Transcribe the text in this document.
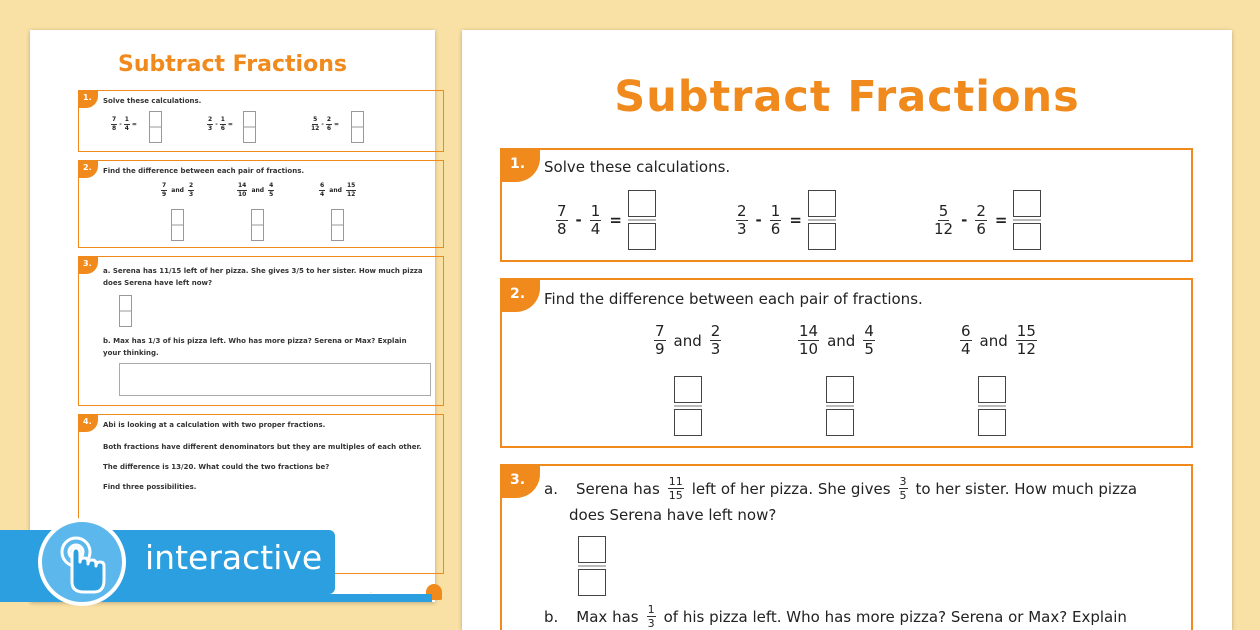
Subtract Fractions
1.	Solve these calculations.
$\frac{7}{8} - \frac{1}{4}$ =	$\frac{2}{3} - \frac{1}{6}$ =	$\frac{5}{12} - \frac{2}{6}$ =
2.	Find the difference between each pair of fractions.
$\frac{7}{9}$ and $\frac{2}{3}$	$\frac{14}{10}$ and $\frac{4}{5}$	$\frac{6}{4}$ and $\frac{15}{12}$
3.
a. Serena has 11/15 left of her pizza. She gives 3/5 to her sister. How much pizza does Serena have left now?
b. Max has 1/3 of his pizza left. Who has more pizza? Serena or Max? Explain your thinking.
4.	Abi is looking at a calculation with two proper fractions.
Both fractions have different denominators but they are multiples of each other.
The difference is 13/20. What could the two fractions be?
Find three possibilities.
interactive
Subtract Fractions
1.	Solve these calculations.
$\frac{7}{8} - \frac{1}{4}$ =	$\frac{2}{3} - \frac{1}{6}$ =	$\frac{5}{12} - \frac{2}{6}$ =
2.	Find the difference between each pair of fractions.
$\frac{7}{9}$ and $\frac{2}{3}$	$\frac{14}{10}$ and $\frac{4}{5}$	$\frac{6}{4}$ and $\frac{15}{12}$
3.	a. Serena has $\frac{11}{15}$ left of her pizza. She gives $\frac{3}{5}$ to her sister. How much pizza
does Serena have left now?
b. Max has $\frac{1}{3}$ of his pizza left. Who has more pizza? Serena or Max? Explain
